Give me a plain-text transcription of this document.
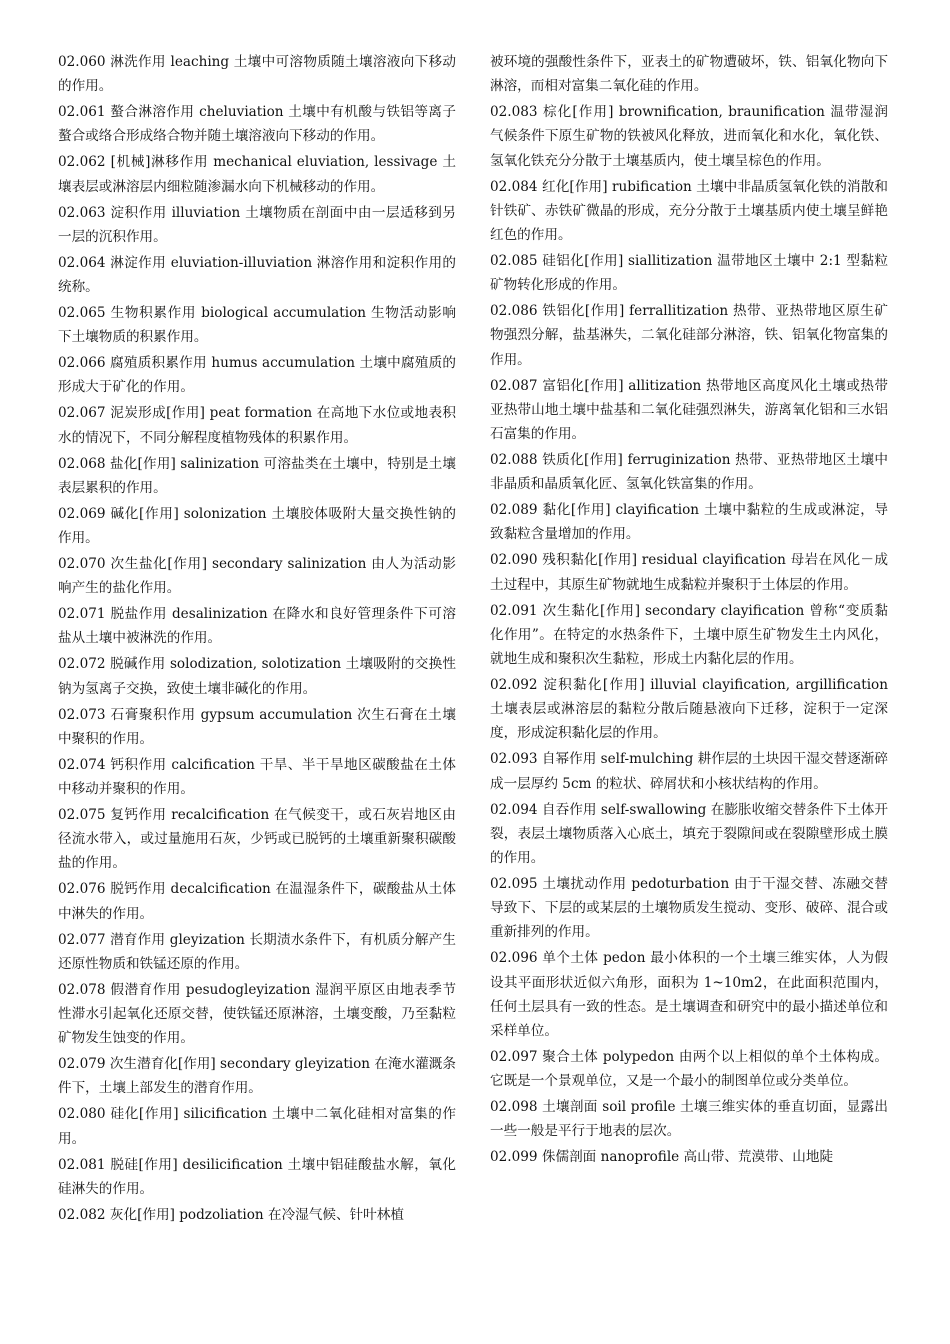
02.060 淋洗作用 leaching 土壤中可溶物质随土壤溶液向下移动的作用。

02.061 螯合淋溶作用 cheluviation 土壤中有机酸与铁铝等离子螯合或络合形成络合物并随土壤溶液向下移动的作用。

02.062 [机械]淋移作用 mechanical eluviation, lessivage 土壤表层或淋溶层内细粒随渗漏水向下机械移动的作用。

02.063 淀积作用 illuviation 土壤物质在剖面中由一层适移到另一层的沉积作用。

02.064 淋淀作用 eluviation-illuviation 淋溶作用和淀积作用的统称。

02.065 生物积累作用 biological accumulation 生物活动影响下土壤物质的积累作用。

02.066 腐殖质积累作用 humus accumulation 土壤中腐殖质的形成大于矿化的作用。

02.067 泥炭形成[作用] peat formation 在高地下水位或地表积水的情况下，不同分解程度植物残体的积累作用。

02.068 盐化[作用] salinization 可溶盐类在土壤中，特别是土壤表层累积的作用。

02.069 碱化[作用] solonization 土壤胶体吸附大量交换性钠的作用。

02.070 次生盐化[作用] secondary salinization 由人为活动影响产生的盐化作用。

02.071 脱盐作用 desalinization 在降水和良好管理条件下可溶盐从土壤中被淋洗的作用。

02.072 脱碱作用 solodization, solotization 土壤吸附的交换性钠为氢离子交换，致使土壤非碱化的作用。

02.073 石膏聚积作用 gypsum accumulation 次生石膏在土壤中聚积的作用。

02.074 钙积作用 calcification 干旱、半干旱地区碳酸盐在土体中移动并聚积的作用。

02.075 复钙作用 recalcification 在气候变干，或石灰岩地区由径流水带入，或过量施用石灰，少钙或已脱钙的土壤重新聚积碳酸盐的作用。

02.076 脱钙作用 decalcification 在温湿条件下，碳酸盐从土体中淋失的作用。

02.077 潜育作用 gleyization 长期渍水条件下，有机质分解产生还原性物质和铁锰还原的作用。

02.078 假潜育作用 pesudogleyization 湿润平原区由地表季节性滞水引起氧化还原交替，使铁锰还原淋溶，土壤变酸，乃至黏粒矿物发生蚀变的作用。

02.079 次生潜育化[作用] secondary gleyization 在淹水灌溉条件下，土壤上部发生的潜育作用。

02.080 硅化[作用] silicification 土壤中二氧化硅相对富集的作用。

02.081 脱硅[作用] desilicification 土壤中铝硅酸盐水解，氧化硅淋失的作用。

02.082 灰化[作用] podzoliation 在冷湿气候、针叶林植

被环境的强酸性条件下，亚表土的矿物遭破坏，铁、铝氧化物向下淋溶，而相对富集二氧化硅的作用。

02.083 棕化[作用] brownification, braunification 温带湿润气候条件下原生矿物的铁被风化释放，进而氧化和水化，氧化铁、氢氧化铁充分分散于土壤基质内，使土壤呈棕色的作用。

02.084 红化[作用] rubification 土壤中非晶质氢氧化铁的消散和针铁矿、赤铁矿微晶的形成，充分分散于土壤基质内使土壤呈鲜艳红色的作用。

02.085 硅铝化[作用] siallitization 温带地区土壤中 2:1 型黏粒矿物转化形成的作用。

02.086 铁铝化[作用] ferrallitization 热带、亚热带地区原生矿物强烈分解，盐基淋失，二氧化硅部分淋溶，铁、铝氧化物富集的作用。

02.087 富铝化[作用] allitization 热带地区高度风化土壤或热带亚热带山地土壤中盐基和二氧化硅强烈淋失，游离氧化铝和三水铝石富集的作用。

02.088 铁质化[作用] ferruginization 热带、亚热带地区土壤中非晶质和晶质氧化匠、氢氧化铁富集的作用。

02.089 黏化[作用] clayification 土壤中黏粒的生成或淋淀，导致黏粒含量增加的作用。

02.090 残积黏化[作用] residual clayification 母岩在风化－成土过程中，其原生矿物就地生成黏粒并聚积于土体层的作用。

02.091 次生黏化[作用] secondary clayification 曾称“变质黏化作用”。在特定的水热条件下，土壤中原生矿物发生土内风化，就地生成和聚积次生黏粒，形成土内黏化层的作用。

02.092 淀积黏化[作用] illuvial clayification, argillification 土壤表层或淋溶层的黏粒分散后随悬液向下迁移，淀积于一定深度，形成淀积黏化层的作用。

02.093 自幂作用 self-mulching 耕作层的土块因干湿交替逐渐碎成一层厚约 5cm 的粒状、碎屑状和小核状结构的作用。

02.094 自吞作用 self-swallowing 在膨胀收缩交替条件下土体开裂，表层土壤物质落入心底土，填充于裂隙间或在裂隙壁形成土膜的作用。

02.095 土壤扰动作用 pedoturbation 由于干湿交替、冻融交替导致下、下层的或某层的土壤物质发生搅动、变形、破碎、混合或重新排列的作用。

02.096 单个土体 pedon 最小体积的一个土壤三维实体，人为假设其平面形状近似六角形，面积为 1~10m2，在此面积范围内，任何土层具有一致的性态。是土壤调查和研究中的最小描述单位和采样单位。

02.097 聚合土体 polypedon 由两个以上相似的单个土体构成。它既是一个景观单位，又是一个最小的制图单位或分类单位。

02.098 土壤剖面 soil profile 土壤三维实体的垂直切面，显露出一些一般是平行于地表的层次。

02.099 侏儒剖面 nanoprofile 高山带、荒漠带、山地陡
